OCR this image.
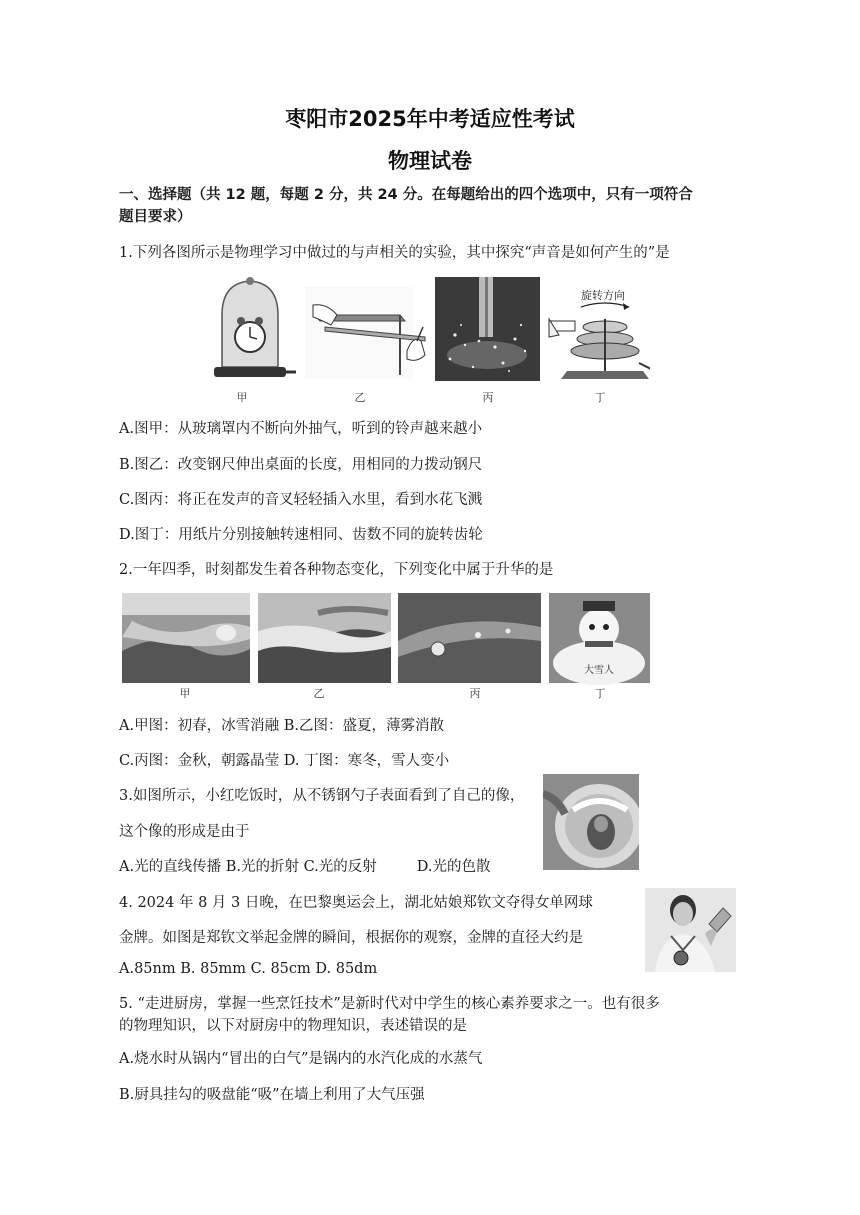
枣阳市2025年中考适应性考试
物理试卷
一、选择题（共 12 题，每题 2 分，共 24 分。在每题给出的四个选项中，只有一项符合
题目要求）
1.下列各图所示是物理学习中做过的与声相关的实验，其中探究“声音是如何产生的”是
旋转方向
甲	乙	丙	丁
A.图甲：从玻璃罩内不断向外抽气，听到的铃声越来越小
B.图乙：改变钢尺伸出桌面的长度，用相同的力拨动钢尺
C.图丙：将正在发声的音叉轻轻插入水里，看到水花飞溅
D.图丁：用纸片分别接触转速相同、齿数不同的旋转齿轮
2.一年四季，时刻都发生着各种物态变化，下列变化中属于升华的是
大雪人
甲	乙	丙	丁
A.甲图：初春，冰雪消融 B.乙图：盛夏，薄雾消散
C.丙图：金秋，朝露晶莹 D. 丁图：寒冬，雪人变小
3.如图所示，小红吃饭时，从不锈钢勺子表面看到了自己的像，
这个像的形成是由于
A.光的直线传播 B.光的折射 C.光的反射	D.光的色散
4. 2024 年 8 月 3 日晚，在巴黎奥运会上，湖北姑娘郑钦文夺得女单网球
金牌。如图是郑钦文举起金牌的瞬间，根据你的观察，金牌的直径大约是
A.85nm B. 85mm C. 85cm D. 85dm
5. “走进厨房，掌握一些烹饪技术”是新时代对中学生的核心素养要求之一。也有很多
的物理知识，以下对厨房中的物理知识，表述错误的是
A.烧水时从锅内“冒出的白气”是锅内的水汽化成的水蒸气
B.厨具挂勾的吸盘能“吸”在墙上利用了大气压强
